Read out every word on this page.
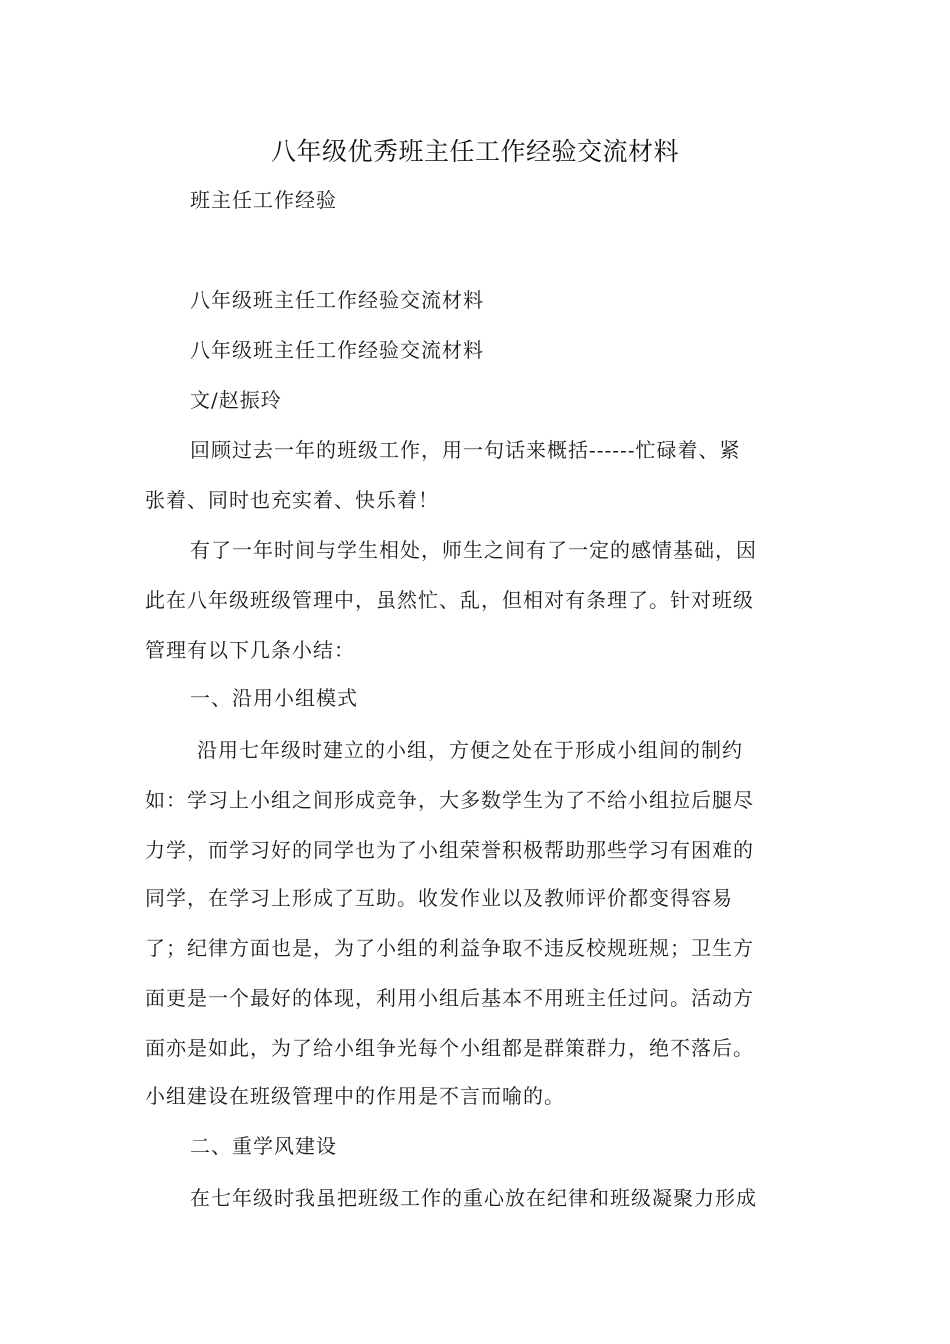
八年级优秀班主任工作经验交流材料
班主任工作经验
八年级班主任工作经验交流材料
八年级班主任工作经验交流材料
文/赵振玲
回顾过去一年的班级工作，用一句话来概括------忙碌着、紧
张着、同时也充实着、快乐着！
有了一年时间与学生相处，师生之间有了一定的感情基础，因
此在八年级班级管理中，虽然忙、乱，但相对有条理了。针对班级
管理有以下几条小结：
一、沿用小组模式
沿用七年级时建立的小组，方便之处在于形成小组间的制约
如：学习上小组之间形成竞争，大多数学生为了不给小组拉后腿尽
力学，而学习好的同学也为了小组荣誉积极帮助那些学习有困难的
同学，在学习上形成了互助。收发作业以及教师评价都变得容易
了；纪律方面也是，为了小组的利益争取不违反校规班规；卫生方
面更是一个最好的体现，利用小组后基本不用班主任过问。活动方
面亦是如此，为了给小组争光每个小组都是群策群力，绝不落后。
小组建设在班级管理中的作用是不言而喻的。
二、重学风建设
在七年级时我虽把班级工作的重心放在纪律和班级凝聚力形成
